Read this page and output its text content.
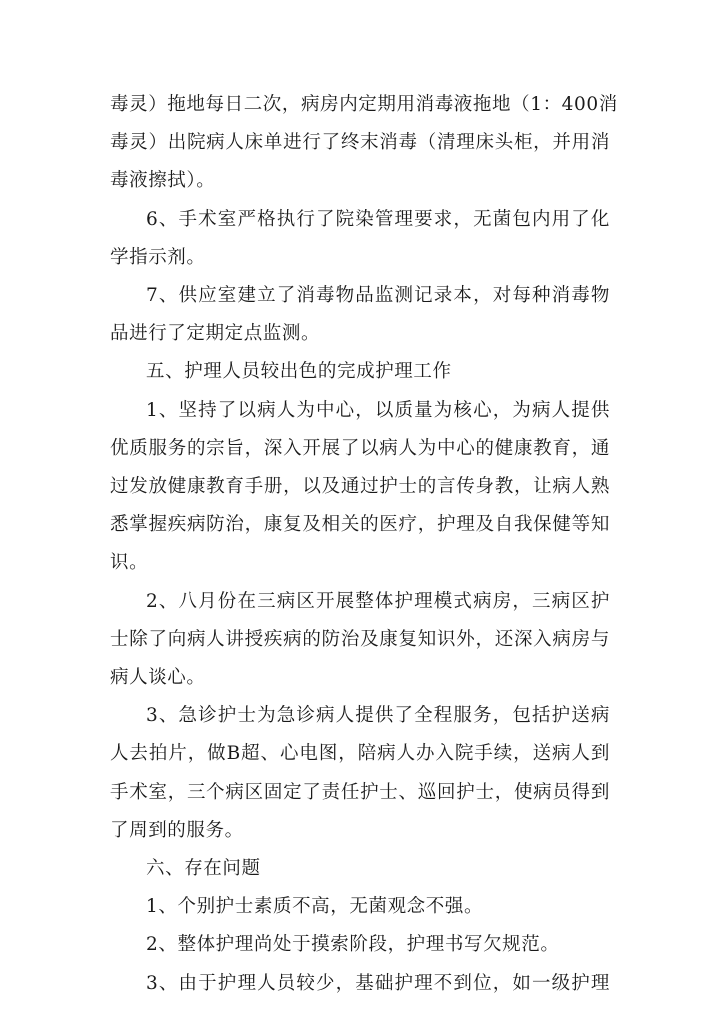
毒灵）拖地每日二次，病房内定期用消毒液拖地（1：400消
毒灵）出院病人床单进行了终末消毒（清理床头柜，并用消
毒液擦拭）。
6、手术室严格执行了院染管理要求，无菌包内用了化
学指示剂。
7、供应室建立了消毒物品监测记录本，对每种消毒物
品进行了定期定点监测。
五、护理人员较出色的完成护理工作
1、坚持了以病人为中心，以质量为核心，为病人提供
优质服务的宗旨，深入开展了以病人为中心的健康教育，通
过发放健康教育手册，以及通过护士的言传身教，让病人熟
悉掌握疾病防治，康复及相关的医疗，护理及自我保健等知
识。
2、八月份在三病区开展整体护理模式病房，三病区护
士除了向病人讲授疾病的防治及康复知识外，还深入病房与
病人谈心。
3、急诊护士为急诊病人提供了全程服务，包括护送病
人去拍片，做B超、心电图，陪病人办入院手续，送病人到
手术室，三个病区固定了责任护士、巡回护士，使病员得到
了周到的服务。
六、存在问题
1、个别护士素质不高，无菌观念不强。
2、整体护理尚处于摸索阶段，护理书写欠规范。
3、由于护理人员较少，基础护理不到位，如一级护理
